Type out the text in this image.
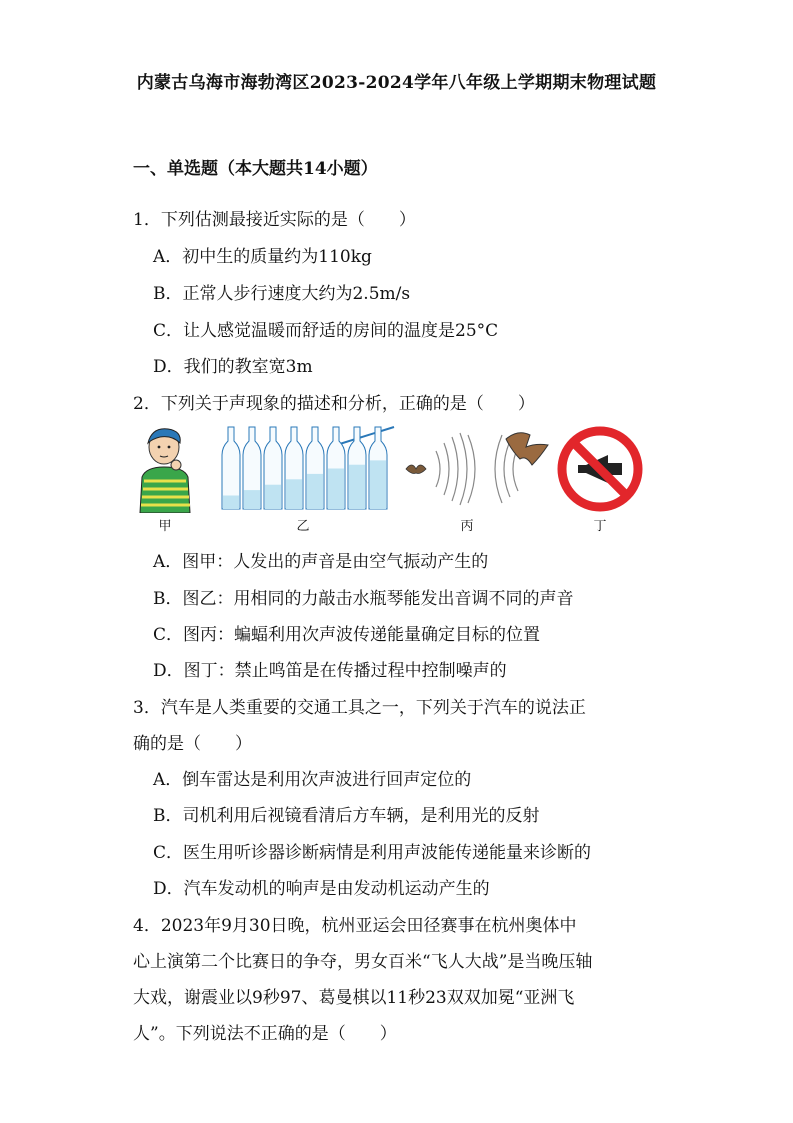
内蒙古乌海市海勃湾区2023-2024学年八年级上学期期末物理试题
一、单选题（本大题共14小题）
1．下列估测最接近实际的是（　　）
A．初中生的质量约为110kg
B．正常人步行速度大约为2.5m/s
C．让人感觉温暖而舒适的房间的温度是25°C
D．我们的教室宽3m
2．下列关于声现象的描述和分析，正确的是（　　）
甲	乙	丙	丁
A．图甲：人发出的声音是由空气振动产生的
B．图乙：用相同的力敲击水瓶琴能发出音调不同的声音
C．图丙：蝙蝠利用次声波传递能量确定目标的位置
D．图丁：禁止鸣笛是在传播过程中控制噪声的
3．汽车是人类重要的交通工具之一，下列关于汽车的说法正
确的是（　　）
A．倒车雷达是利用次声波进行回声定位的
B．司机利用后视镜看清后方车辆，是利用光的反射
C．医生用听诊器诊断病情是利用声波能传递能量来诊断的
D．汽车发动机的响声是由发动机运动产生的
4．2023年9月30日晚，杭州亚运会田径赛事在杭州奥体中
心上演第二个比赛日的争夺，男女百米“飞人大战”是当晚压轴
大戏，谢震业以9秒97、葛曼棋以11秒23双双加冕“亚洲飞
人”。下列说法不正确的是（　　）
